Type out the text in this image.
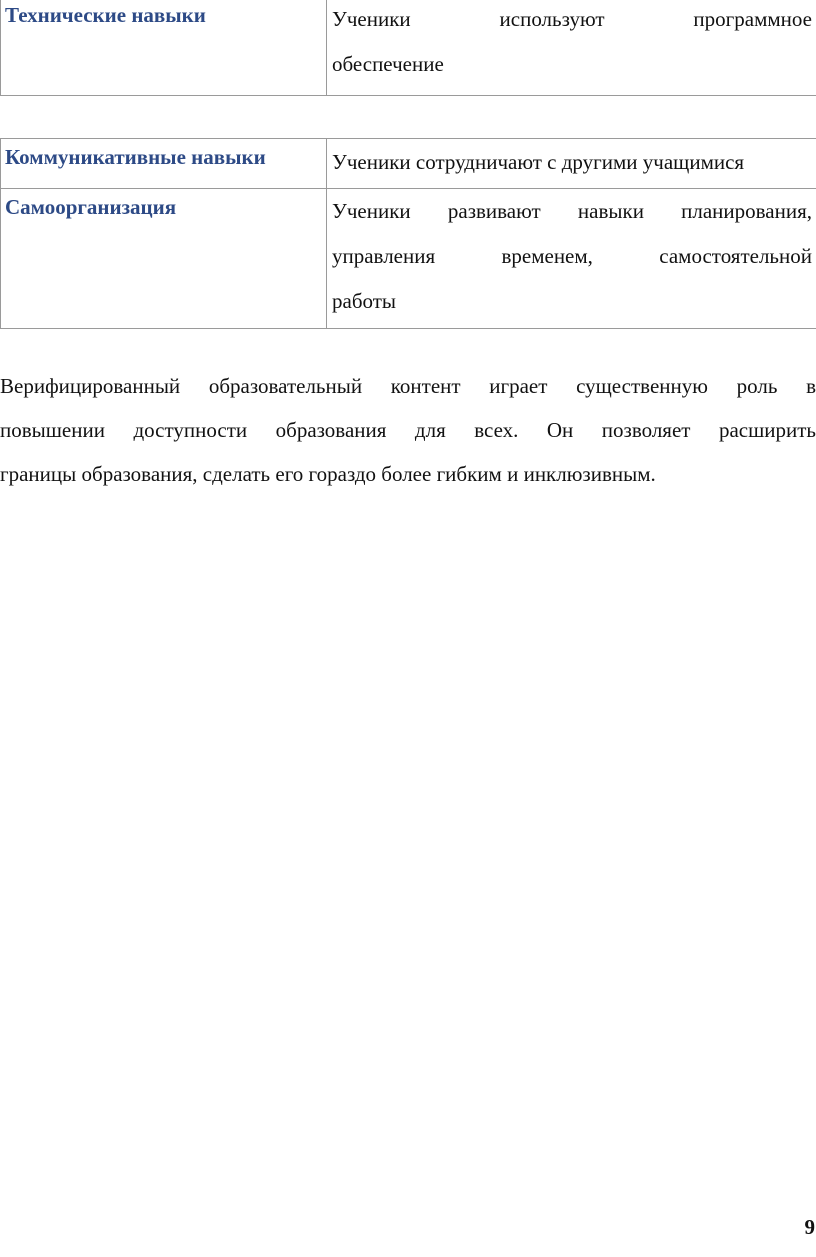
Технические навыки	Ученики используют программное
обеспечение
Коммуникативные навыки	Ученики сотрудничают с другими учащимися

Самоорганизация	Ученики развивают навыки планирования,
управления временем, самостоятельной
работы
Верифицированный образовательный контент играет существенную роль в
повышении доступности образования для всех. Он позволяет расширить
границы образования, сделать его гораздо более гибким и инклюзивным.
9
